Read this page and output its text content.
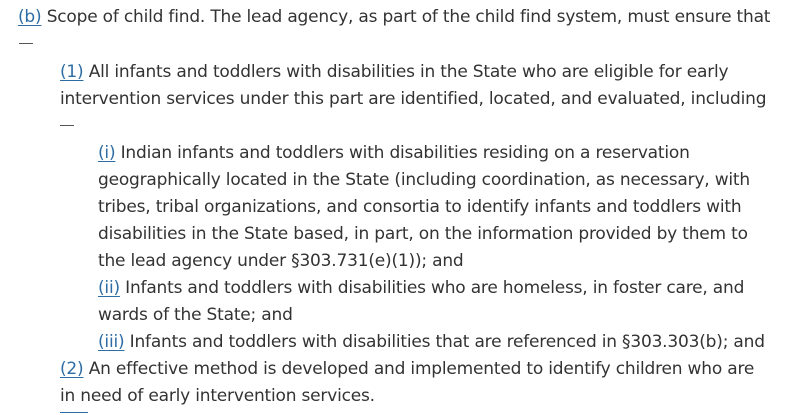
(b) Scope of child find. The lead agency, as part of the child find system, must ensure that
(1) All infants and toddlers with disabilities in the State who are eligible for early
intervention services under this part are identified, located, and evaluated, including
(i) Indian infants and toddlers with disabilities residing on a reservation
geographically located in the State (including coordination, as necessary, with
tribes, tribal organizations, and consortia to identify infants and toddlers with
disabilities in the State based, in part, on the information provided by them to
the lead agency under §303.731(e)(1)); and
(ii) Infants and toddlers with disabilities who are homeless, in foster care, and
wards of the State; and
(iii) Infants and toddlers with disabilities that are referenced in §303.303(b); and
(2) An effective method is developed and implemented to identify children who are
in need of early intervention services.
